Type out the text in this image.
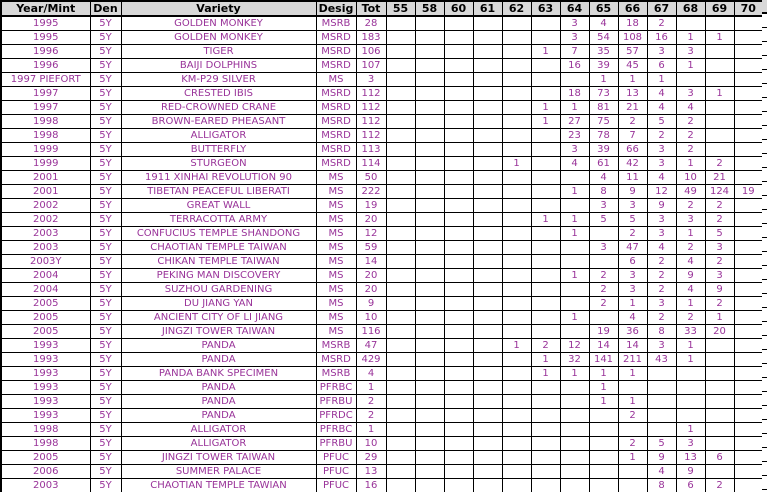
Year/Mint	Den	Variety	Desig	Tot	55	58	60	61	62	63	64	65	66	67	68	69	70
1995	5Y	GOLDEN MONKEY	MSRB	28							3	4	18	2			
1995	5Y	GOLDEN MONKEY	MSRD	183							3	54	108	16	1	1	
1996	5Y	TIGER	MSRD	106						1	7	35	57	3	3		
1996	5Y	BAIJI DOLPHINS	MSRD	107							16	39	45	6	1		
1997 PIEFORT	5Y	KM-P29 SILVER	MS	3								1	1	1			
1997	5Y	CRESTED IBIS	MSRD	112							18	73	13	4	3	1	
1997	5Y	RED-CROWNED CRANE	MSRD	112						1	1	81	21	4	4		
1998	5Y	BROWN-EARED PHEASANT	MSRD	112						1	27	75	2	5	2		
1998	5Y	ALLIGATOR	MSRD	112							23	78	7	2	2		
1999	5Y	BUTTERFLY	MSRD	113							3	39	66	3	2		
1999	5Y	STURGEON	MSRD	114					1		4	61	42	3	1	2	
2001	5Y	1911 XINHAI REVOLUTION 90	MS	50								4	11	4	10	21	
2001	5Y	TIBETAN PEACEFUL LIBERATI	MS	222							1	8	9	12	49	124	19
2002	5Y	GREAT WALL	MS	19								3	3	9	2	2	
2002	5Y	TERRACOTTA ARMY	MS	20						1	1	5	5	3	3	2	
2003	5Y	CONFUCIUS TEMPLE SHANDONG	MS	12							1		2	3	1	5	
2003	5Y	CHAOTIAN TEMPLE TAIWAN	MS	59								3	47	4	2	3	
2003Y	5Y	CHIKAN TEMPLE TAIWAN	MS	14									6	2	4	2	
2004	5Y	PEKING MAN DISCOVERY	MS	20							1	2	3	2	9	3	
2004	5Y	SUZHOU GARDENING	MS	20								2	3	2	4	9	
2005	5Y	DU JIANG YAN	MS	9								2	1	3	1	2	
2005	5Y	ANCIENT CITY OF LI JIANG	MS	10							1		4	2	2	1	
2005	5Y	JINGZI TOWER TAIWAN	MS	116								19	36	8	33	20	
1993	5Y	PANDA	MSRB	47					1	2	12	14	14	3	1		
1993	5Y	PANDA	MSRD	429						1	32	141	211	43	1		
1993	5Y	PANDA BANK SPECIMEN	MSRB	4						1	1	1	1				
1993	5Y	PANDA	PFRBC	1								1					
1993	5Y	PANDA	PFRBU	2								1	1				
1993	5Y	PANDA	PFRDC	2									2				
1998	5Y	ALLIGATOR	PFRBC	1											1		
1998	5Y	ALLIGATOR	PFRBU	10									2	5	3		
2005	5Y	JINGZI TOWER TAIWAN	PFUC	29									1	9	13	6	
2006	5Y	SUMMER PALACE	PFUC	13										4	9		
2003	5Y	CHAOTIAN TEMPLE TAWIAN	PFUC	16										8	6	2	
